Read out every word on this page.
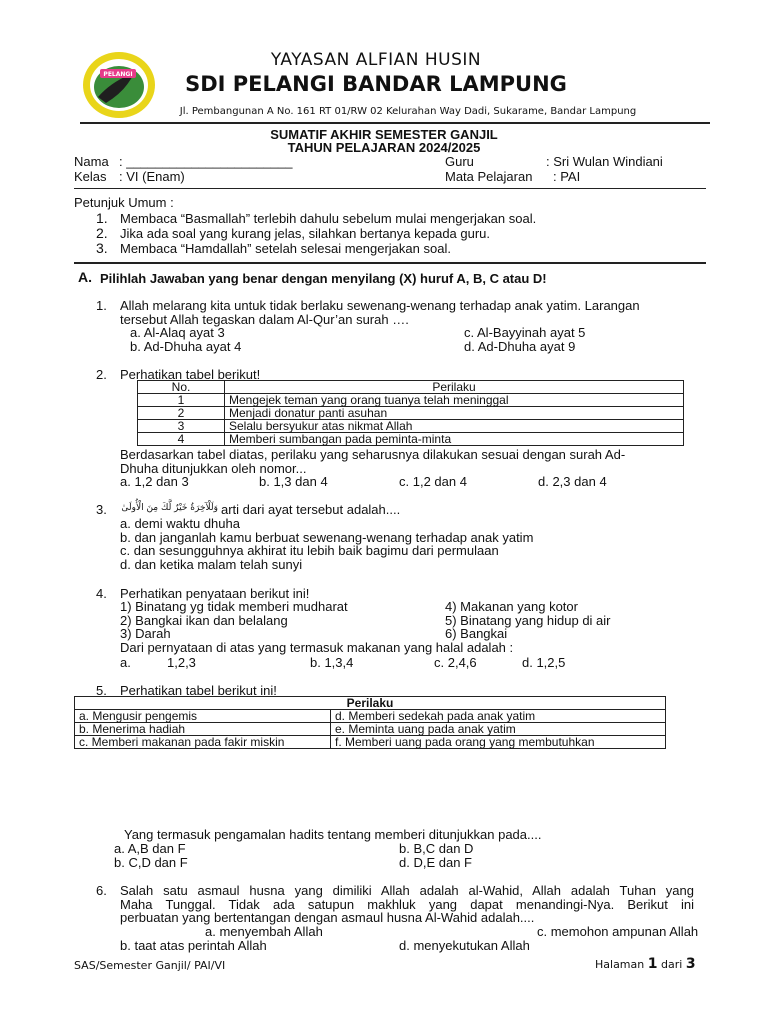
PELANGI
YAYASAN ALFIAN HUSIN
SDI PELANGI BANDAR LAMPUNG
Jl. Pembangunan A No. 161 RT 01/RW 02 Kelurahan Way Dadi, Sukarame, Bandar Lampung
SUMATIF AKHIR SEMESTER GANJIL
TAHUN PELAJARAN 2024/2025
Nama : _______________________
Kelas : VI (Enam)
Guru	: Sri Wulan Windiani
Mata Pelajaran : PAI
Petunjuk Umum :
1. Membaca “Basmallah” terlebih dahulu sebelum mulai mengerjakan soal.
2. Jika ada soal yang kurang jelas, silahkan bertanya kepada guru.
3. Membaca “Hamdallah” setelah selesai mengerjakan soal.
A. Pilihlah Jawaban yang benar dengan menyilang (X) huruf A, B, C atau D!
1. Allah melarang kita untuk tidak berlaku sewenang-wenang terhadap anak yatim. Larangan
tersebut Allah tegaskan dalam Al-Qur’an surah ….
a. Al-Alaq ayat 3
b. Ad-Dhuha ayat 4
c. Al-Bayyinah ayat 5
d. Ad-Dhuha ayat 9
2. Perhatikan tabel berikut!
No.	Perilaku
1	Mengejek teman yang orang tuanya telah meninggal
2	Menjadi donatur panti asuhan
3	Selalu bersyukur atas nikmat Allah
4	Memberi sumbangan pada peminta-minta
Berdasarkan tabel diatas, perilaku yang seharusnya dilakukan sesuai dengan surah Ad-
Dhuha ditunjukkan oleh nomor...
a. 1,2 dan 3	b. 1,3 dan 4	c. 1,2 dan 4	d. 2,3 dan 4
3.	وَلَلْآخِرَةُ خَيْرٌ لَّكَ مِنَ الْأُولَىٰ arti dari ayat tersebut adalah....
a. demi waktu dhuha
b. dan janganlah kamu berbuat sewenang-wenang terhadap anak yatim
c. dan sesungguhnya akhirat itu lebih baik bagimu dari permulaan
d. dan ketika malam telah sunyi
4. Perhatikan penyataan berikut ini!
1) Binatang yg tidak memberi mudharat
2) Bangkai ikan dan belalang
3) Darah
4) Makanan yang kotor
5) Binatang yang hidup di air
6) Bangkai
Dari pernyataan di atas yang termasuk makanan yang halal adalah :
a.	1,2,3	b. 1,3,4	c. 2,4,6	d. 1,2,5
5. Perhatikan tabel berikut ini!
Perilaku	
a. Mengusir pengemis	d. Memberi sedekah pada anak yatim
b. Menerima hadiah	e. Meminta uang pada anak yatim
c. Memberi makanan pada fakir miskin	f. Memberi uang pada orang yang membutuhkan
Yang termasuk pengamalan hadits tentang memberi ditunjukkan pada....
a. A,B dan F
b. C,D dan F
b. B,C dan D
d. D,E dan F
6. Salah satu asmaul husna yang dimiliki Allah adalah al-Wahid, Allah adalah Tuhan yang
Maha Tunggal. Tidak ada satupun makhluk yang dapat menandingi-Nya. Berikut ini
perbuatan yang bertentangan dengan asmaul husna Al-Wahid adalah....
a. menyembah Allah	c. memohon ampunan Allah
b. taat atas perintah Allah	d. menyekutukan Allah
SAS/Semester Ganjil/ PAI/VI	Halaman 1 dari 3
